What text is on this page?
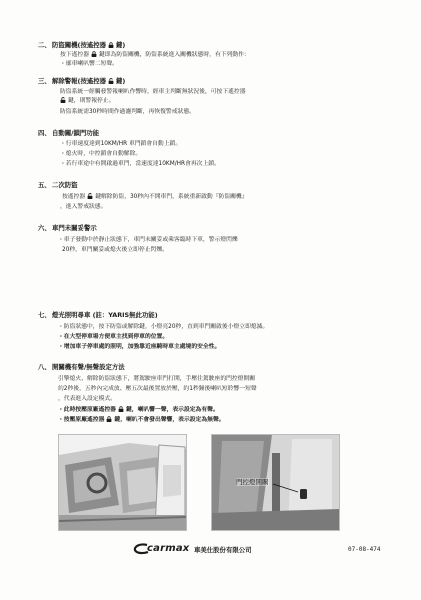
二、防盜關機(按遙控器 鍵)
按下遙控器 鍵即為防盜關機，防盜系統進入關機狀態時，有下列動作：
・廓車喇叭響二短聲。
三、解除警報(按遙控器 鍵)
防盜系統一經觸發警報喇叭作響時，經車主判斷無狀況後，可按下遙控器
鍵，則警報停止。
防盜系統需30秒時間作過濾判斷，再恢復警戒狀態。
四、自動關/鎖門功能
・行車速度達到10KM/HR 車門鎖會自動上鎖。
・熄火時，中控鎖會自動解除。
・若行車途中有開啟過車門，當速度達10KM/HR會再次上鎖。
五、二次防盜
按遙控器 鍵解除防盜，30秒內不開車門，系統重新啟動『防盜關機』
，進入警戒狀態。
六、車門未關妥警示
・車子發動中於靜止狀態下，車門未關妥或乘客臨時下車，警示燈閃爍
20秒，車門關妥或熄火後立即停止閃爍。
七、燈光照明尋車 (註：YARIS無此功能)
・防盜狀態中，按下防盜或解除鍵，小燈亮20秒，直到車門關啟後小燈立即熄滅。
・在大型停車場方便車主找到停車的位置。
・增加車子停車處的照明，加強靠近座騎時車主處境的安全性。
八、開關機有聲/無聲設定方法
引擎熄火、解除防盜狀態下，將駕駛座車門打開，手壓住駕駛座的門控燈開關
約2秒後，五秒內完成放、壓五次最後置放於壓，約1秒鐘後喇叭短聆響一短聲
，代表進入設定模式。
・此時按壓原廠遙控器 鍵，喇叭響一聲，表示設定為有聲。
・按壓原廠遙控器 鍵，喇叭不會發出聲響，表示設定為無聲。
門控燈開關
carmax 車美仕股份有限公司	07-08-474
